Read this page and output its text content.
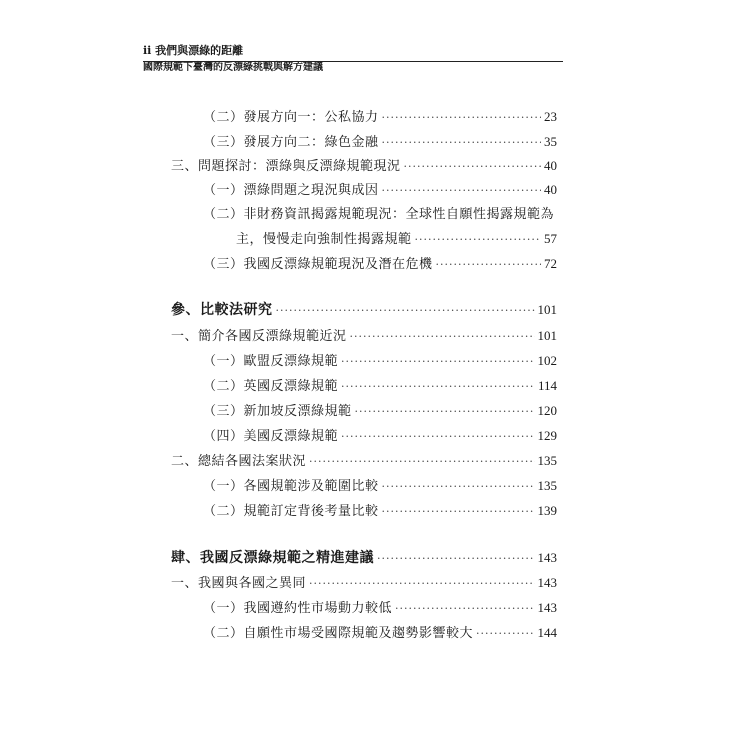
ii 我們與漂綠的距離
國際規範下臺灣的反漂綠挑戰與解方建議
（二）發展方向一：公私協力 ·····	23
（三）發展方向二：綠色金融 ·····	35
三、問題探討：漂綠與反漂綠規範現況 ·····	40
（一）漂綠問題之現況與成因 ·····	40
（二）非財務資訊揭露規範現況：全球性自願性揭露規範為
主，慢慢走向強制性揭露規範 ·····	57
（三）我國反漂綠規範現況及潛在危機 ·····	72
參、比較法研究 ·····	101
一、簡介各國反漂綠規範近況 ·····	101
（一）歐盟反漂綠規範 ·····	102
（二）英國反漂綠規範 ·····	114
（三）新加坡反漂綠規範 ·····	120
（四）美國反漂綠規範 ·····	129
二、總結各國法案狀況 ·····	135
（一）各國規範涉及範圍比較 ·····	135
（二）規範訂定背後考量比較 ·····	139
肆、我國反漂綠規範之精進建議 ·····	143
一、我國與各國之異同 ·····	143
（一）我國遵約性市場動力較低 ·····	143
（二）自願性市場受國際規範及趨勢影響較大 ·····	144
